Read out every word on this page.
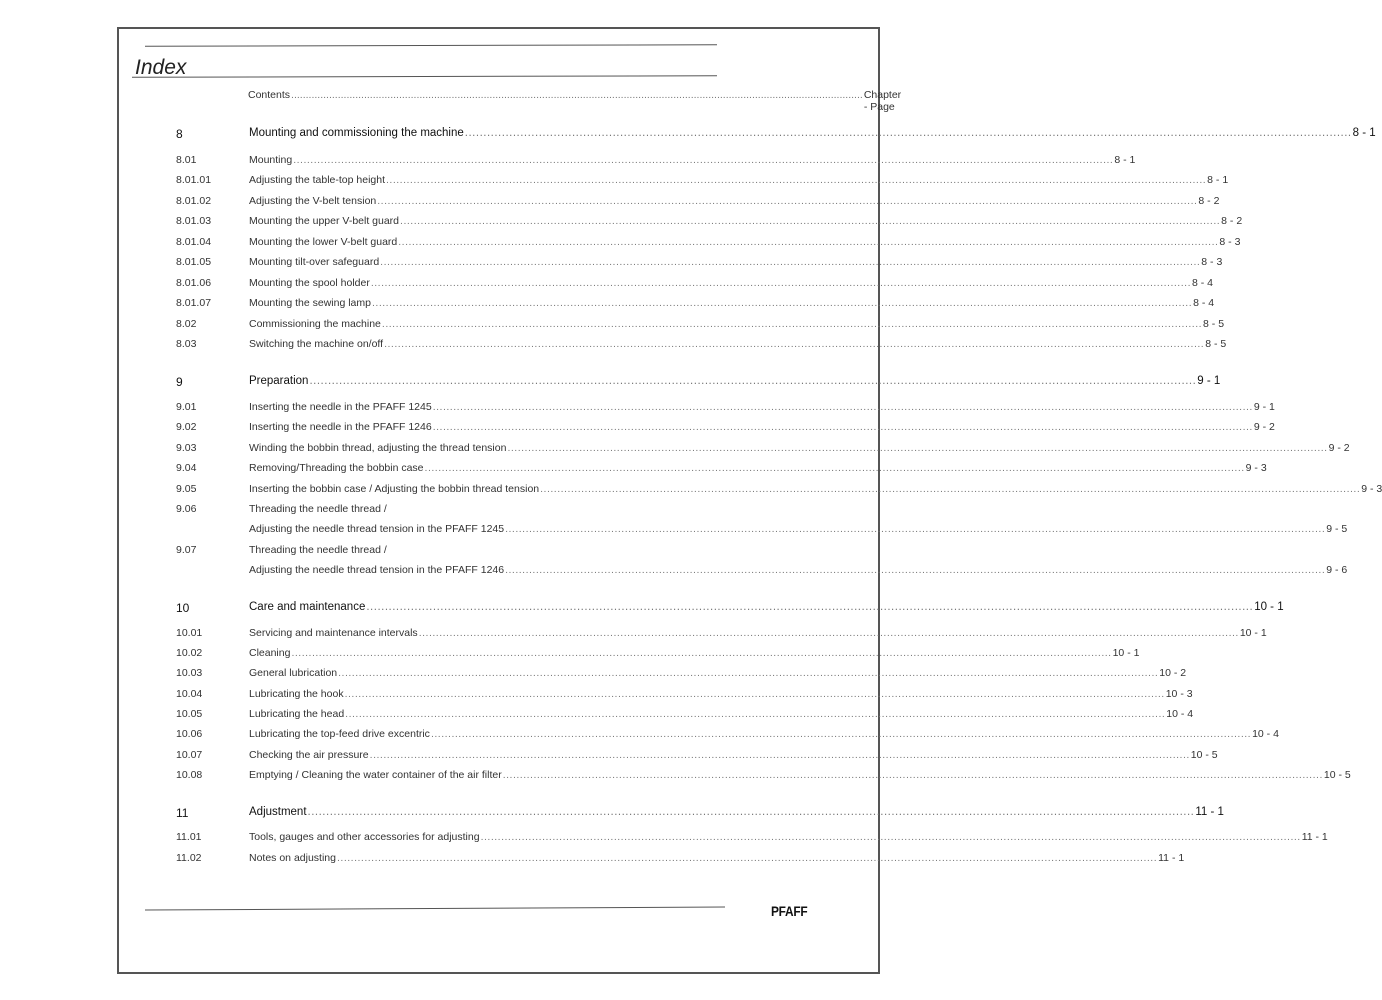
Index
Contents .................................................................................................................................................................................................... Chapter - Page
8	Mounting and commissioning the machine .....	8 - 1
8.01	Mounting .....	8 - 1
8.01.01	Adjusting the table-top height .....	8 - 1
8.01.02	Adjusting the V-belt tension .....	8 - 2
8.01.03	Mounting the upper V-belt guard .....	8 - 2
8.01.04	Mounting the lower V-belt guard .....	8 - 3
8.01.05	Mounting tilt-over safeguard .....	8 - 3
8.01.06	Mounting the spool holder .....	8 - 4
8.01.07	Mounting the sewing lamp .....	8 - 4
8.02	Commissioning the machine .....	8 - 5
8.03	Switching the machine on/off .....	8 - 5
9	Preparation .....	9 - 1
9.01	Inserting the needle in the PFAFF 1245 .....	9 - 1
9.02	Inserting the needle in the PFAFF 1246 .....	9 - 2
9.03	Winding the bobbin thread, adjusting the thread tension .....	9 - 2
9.04	Removing/Threading the bobbin case .....	9 - 3
9.05	Inserting the bobbin case / Adjusting the bobbin thread tension .....	9 - 3
9.06	Threading the needle thread /
Adjusting the needle thread tension in the PFAFF 1245 .....	9 - 5
9.07	Threading the needle thread /
Adjusting the needle thread tension in the PFAFF 1246 .....	9 - 6
10	Care and maintenance .....	10 - 1
10.01	Servicing and maintenance intervals .....	10 - 1
10.02	Cleaning .....	10 - 1
10.03	General lubrication .....	10 - 2
10.04	Lubricating the hook .....	10 - 3
10.05	Lubricating the head .....	10 - 4
10.06	Lubricating the top-feed drive excentric .....	10 - 4
10.07	Checking the air pressure .....	10 - 5
10.08	Emptying / Cleaning the water container of the air filter .....	10 - 5
11	Adjustment .....	11 - 1
11.01	Tools, gauges and other accessories for adjusting .....	11 - 1
11.02	Notes on adjusting .....	11 - 1
PFAFF
